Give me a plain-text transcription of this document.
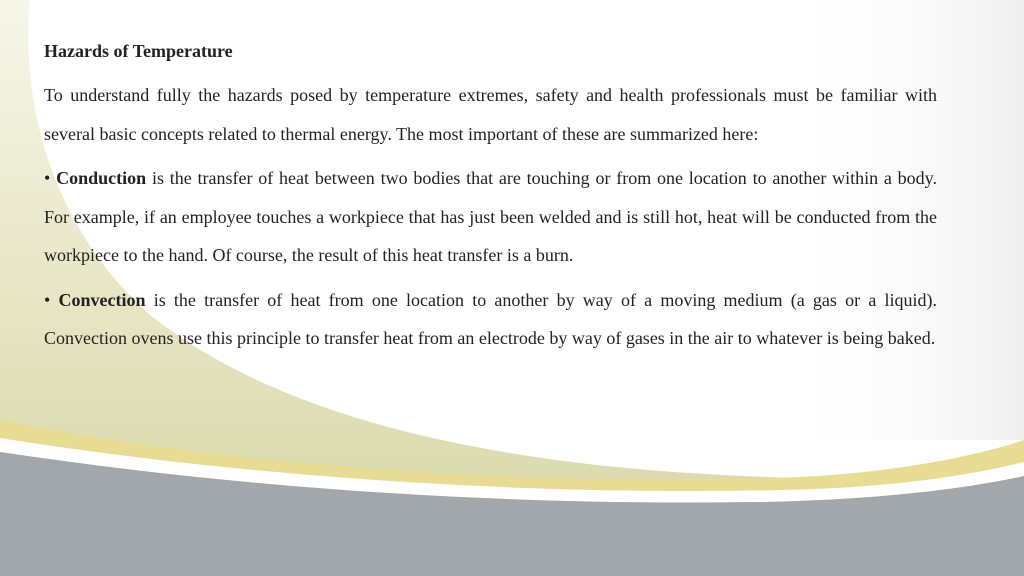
Hazards of Temperature

To understand fully the hazards posed by temperature extremes, safety and health professionals must be familiar with several basic concepts related to thermal energy. The most important of these are summarized here:

• Conduction is the transfer of heat between two bodies that are touching or from one location to another within a body. For example, if an employee touches a workpiece that has just been welded and is still hot, heat will be conducted from the workpiece to the hand. Of course, the result of this heat transfer is a burn.

• Convection is the transfer of heat from one location to another by way of a moving medium (a gas or a liquid). Convection ovens use this principle to transfer heat from an electrode by way of gases in the air to whatever is being baked.
